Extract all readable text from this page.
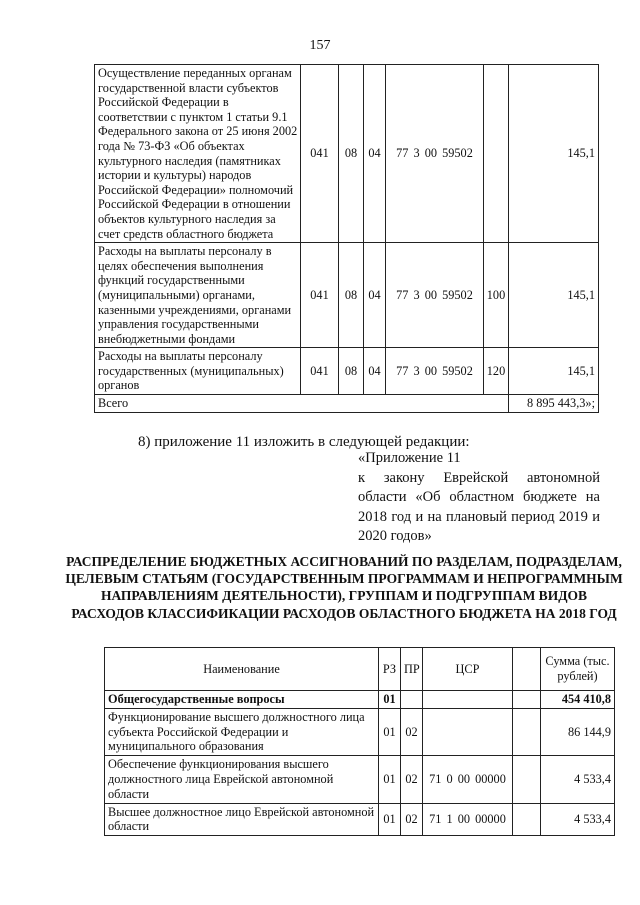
157
Осуществление переданных органам государственной власти субъектов Российской Федерации в соответствии с пунктом 1 статьи 9.1 Федерального закона от 25 июня 2002 года № 73-ФЗ «Об объектах культурного наследия (памятниках истории и культуры) народов Российской Федерации» полномочий Российской Федерации в отношении объектов культурного наследия за счет средств областного бюджета	041	08	04	77 3 00 59502		145,1
Расходы на выплаты персоналу в целях обеспечения выполнения функций государственными (муниципальными) органами, казенными учреждениями, органами управления государственными внебюджетными фондами	041	08	04	77 3 00 59502	100	145,1
Расходы на выплаты персоналу государственных (муниципальных) органов	041	08	04	77 3 00 59502	120	145,1
Всего						8 895 443,3»;
8) приложение 11 изложить в следующей редакции:
«Приложение 11
к закону Еврейской автономной области «Об областном бюджете на 2018 год и на плановый период 2019 и 2020 годов»
РАСПРЕДЕЛЕНИЕ БЮДЖЕТНЫХ АССИГНОВАНИЙ ПО РАЗДЕЛАМ, ПОДРАЗДЕЛАМ, ЦЕЛЕВЫМ СТАТЬЯМ (ГОСУДАРСТВЕННЫМ ПРОГРАММАМ И НЕПРОГРАММНЫМ НАПРАВЛЕНИЯМ ДЕЯТЕЛЬНОСТИ), ГРУППАМ И ПОДГРУППАМ ВИДОВ РАСХОДОВ КЛАССИФИКАЦИИ РАСХОДОВ ОБЛАСТНОГО БЮДЖЕТА НА 2018 ГОД
Наименование	РЗ	ПР	ЦСР		Сумма (тыс. рублей)
Общегосударственные вопросы	01				454 410,8
Функционирование высшего должностного лица субъекта Российской Федерации и муниципального образования	01	02			86 144,9
Обеспечение функционирования высшего должностного лица Еврейской автономной области	01	02	71 0 00 00000		4 533,4
Высшее должностное лицо Еврейской автономной области	01	02	71 1 00 00000		4 533,4
